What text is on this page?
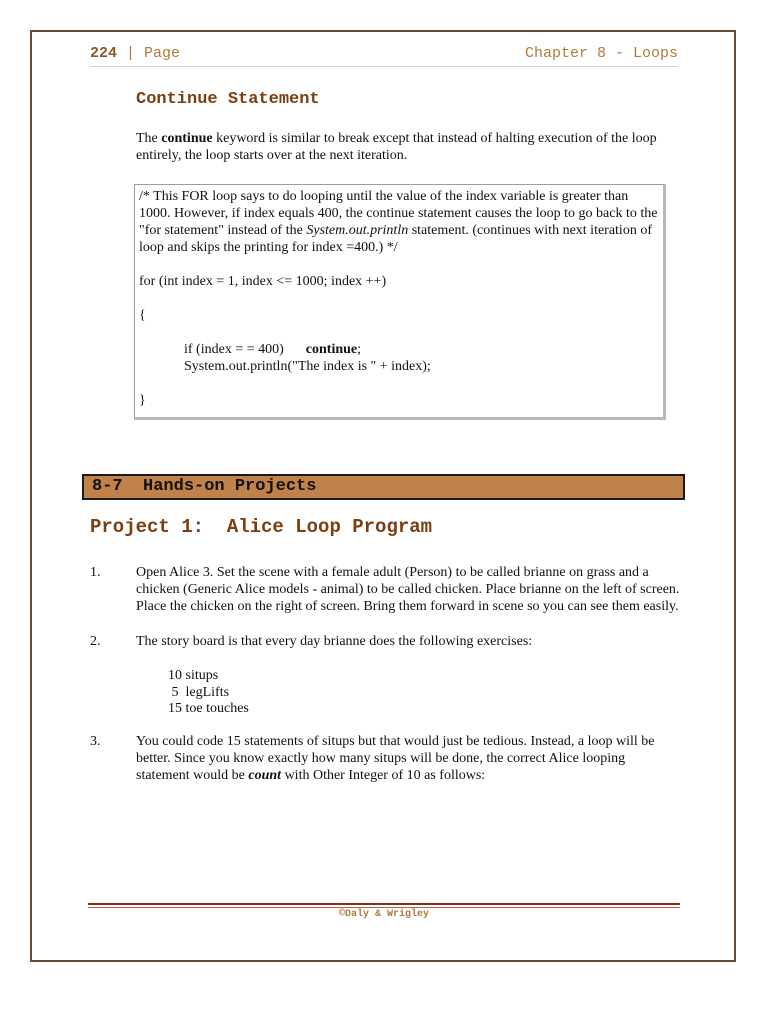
224 | Page	Chapter 8 - Loops
Continue Statement

The continue keyword is similar to break except that instead of halting execution of the loop entirely, the loop starts over at the next iteration.

/* This FOR loop says to do looping until the value of the index variable is greater than 1000. However, if index equals 400, the continue statement causes the loop to go back to the "for statement" instead of the System.out.println statement. (continues with next iteration of loop and skips the printing for index =400.) */

for (int index = 1, index <= 1000; index ++)

{

if (index = = 400) continue;

System.out.println("The index is " + index);

}

8-7  Hands-on Projects
Project 1:  Alice Loop Program
1.	Open Alice 3. Set the scene with a female adult (Person) to be called brianne on grass and a chicken (Generic Alice models - animal) to be called chicken. Place brianne on the left of screen. Place the chicken on the right of screen. Bring them forward in scene so you can see them easily.

2.	The story board is that every day brianne does the following exercises:

10 situps

5  legLifts

15 toe touches

3.	You could code 15 statements of situps but that would just be tedious. Instead, a loop will be better. Since you know exactly how many situps will be done, the correct Alice looping statement would be count with Other Integer of 10 as follows:

©Daly & Wrigley
